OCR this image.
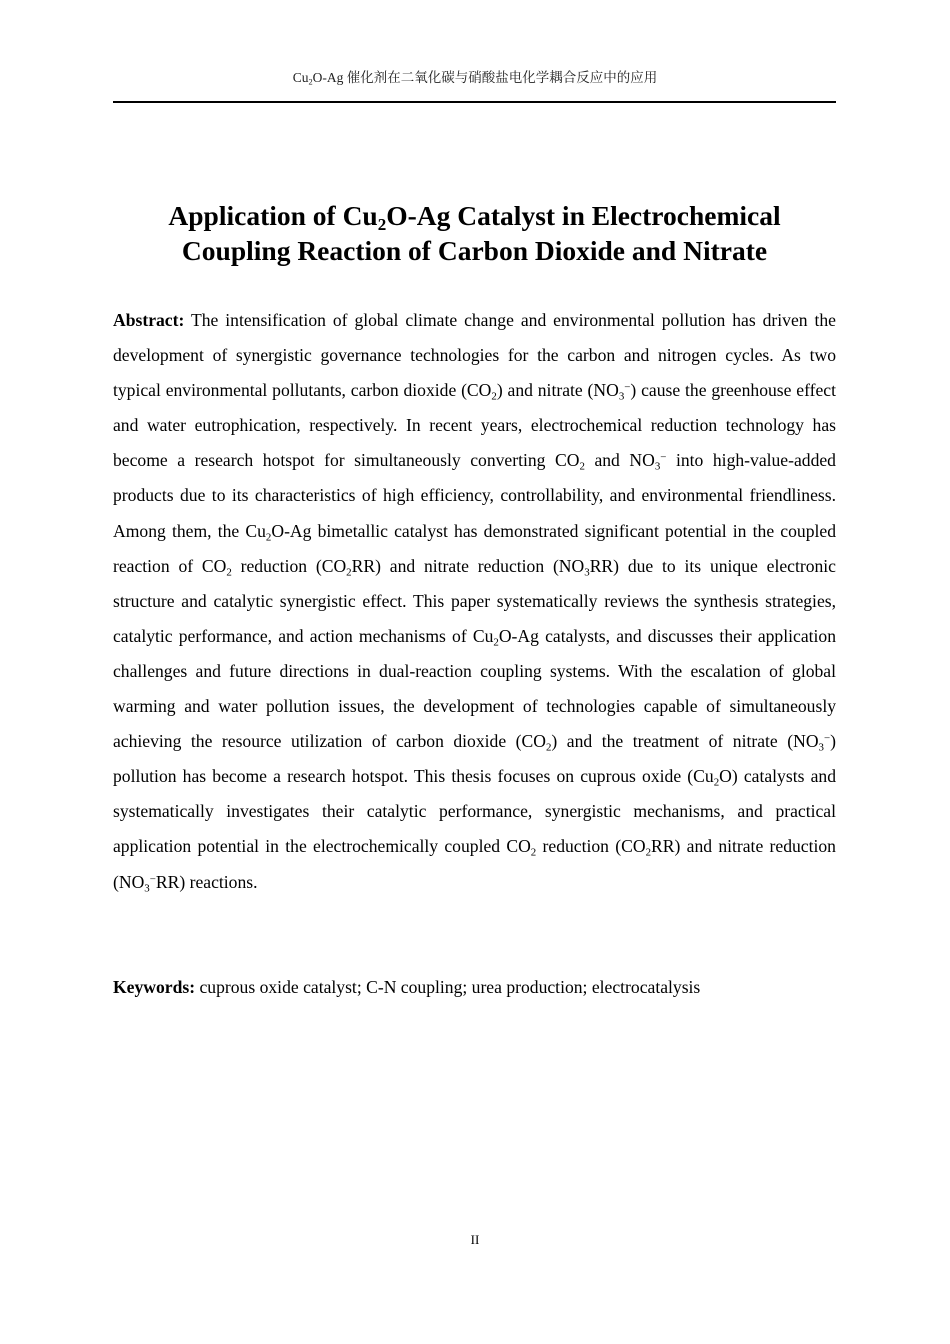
$Cu_2O-Ag$ 催化剂在二氧化碳与硝酸盐电化学耦合反应中的应用
Application of $Cu_2O-Ag$ Catalyst in Electrochemical Coupling Reaction of Carbon Dioxide and Nitrate
Abstract: The intensification of global climate change and environmental pollution has driven the development of synergistic governance technologies for the carbon and nitrogen cycles. As two typical environmental pollutants, carbon dioxide $(CO_2)$ and nitrate $(NO_3^-)$ cause the greenhouse effect and water eutrophication, respectively. In recent years, electrochemical reduction technology has become a research hotspot for simultaneously converting $CO_2$ and $NO_3^-$ into high-value-added products due to its characteristics of high efficiency, controllability, and environmental friendliness. Among them, the $Cu_2O-Ag$ bimetallic catalyst has demonstrated significant potential in the coupled reaction of $CO_2$ reduction $(CO_2RR)$ and nitrate reduction $(NO_3RR)$ due to its unique electronic structure and catalytic synergistic effect. This paper systematically reviews the synthesis strategies, catalytic performance, and action mechanisms of $Cu_2O-Ag$ catalysts, and discusses their application challenges and future directions in dual-reaction coupling systems. With the escalation of global warming and water pollution issues, the development of technologies capable of simultaneously achieving the resource utilization of carbon dioxide $(CO_2)$ and the treatment of nitrate $(NO_3^-)$ pollution has become a research hotspot. This thesis focuses on cuprous oxide $(Cu_2O)$ catalysts and systematically investigates their catalytic performance, synergistic mechanisms, and practical application potential in the electrochemically coupled $CO_2$ reduction $(CO_2RR)$ and nitrate reduction $(NO_3^-RR)$ reactions.
Keywords: cuprous oxide catalyst; C-N coupling; urea production; electrocatalysis
II
